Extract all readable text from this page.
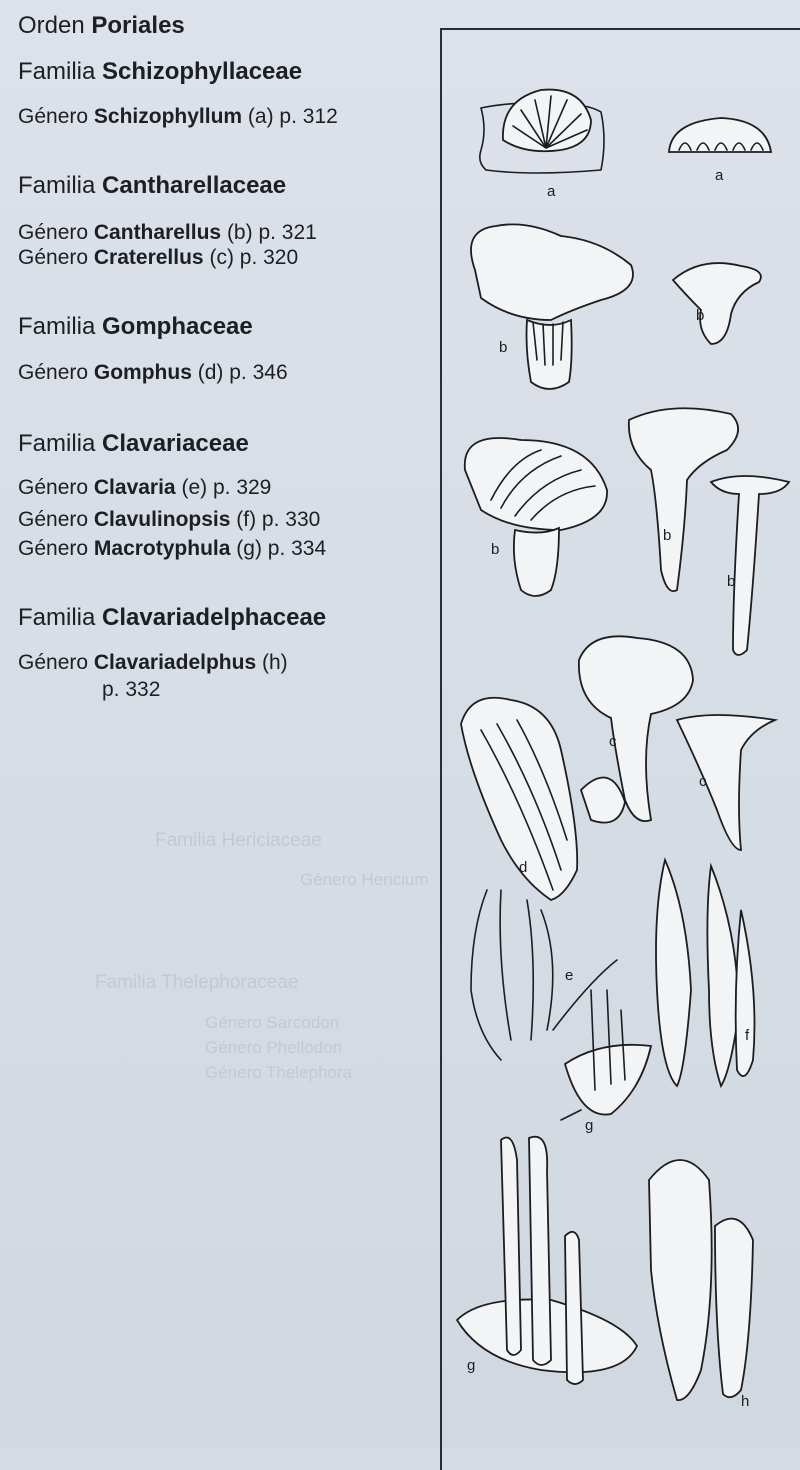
Familia Hericiaceae
Género Hericium
Familia Thelephoraceae
Género Sarcodon
Género Phellodon
Género Thelephora
Orden Poriales
Familia Schizophyllaceae
Género Schizophyllum (a) p. 312
Familia Cantharellaceae
Género Cantharellus (b) p. 321
Género Craterellus (c) p. 320
Familia Gomphaceae
Género Gomphus (d) p. 346
Familia Clavariaceae
Género Clavaria (e) p. 329
Género Clavulinopsis (f) p. 330
Género Macrotyphula (g) p. 334
Familia Clavariadelphaceae
Género Clavariadelphus (h)
p. 332
a
a
b
b
b
b
b
c
c
d
e
f
g
g
h
